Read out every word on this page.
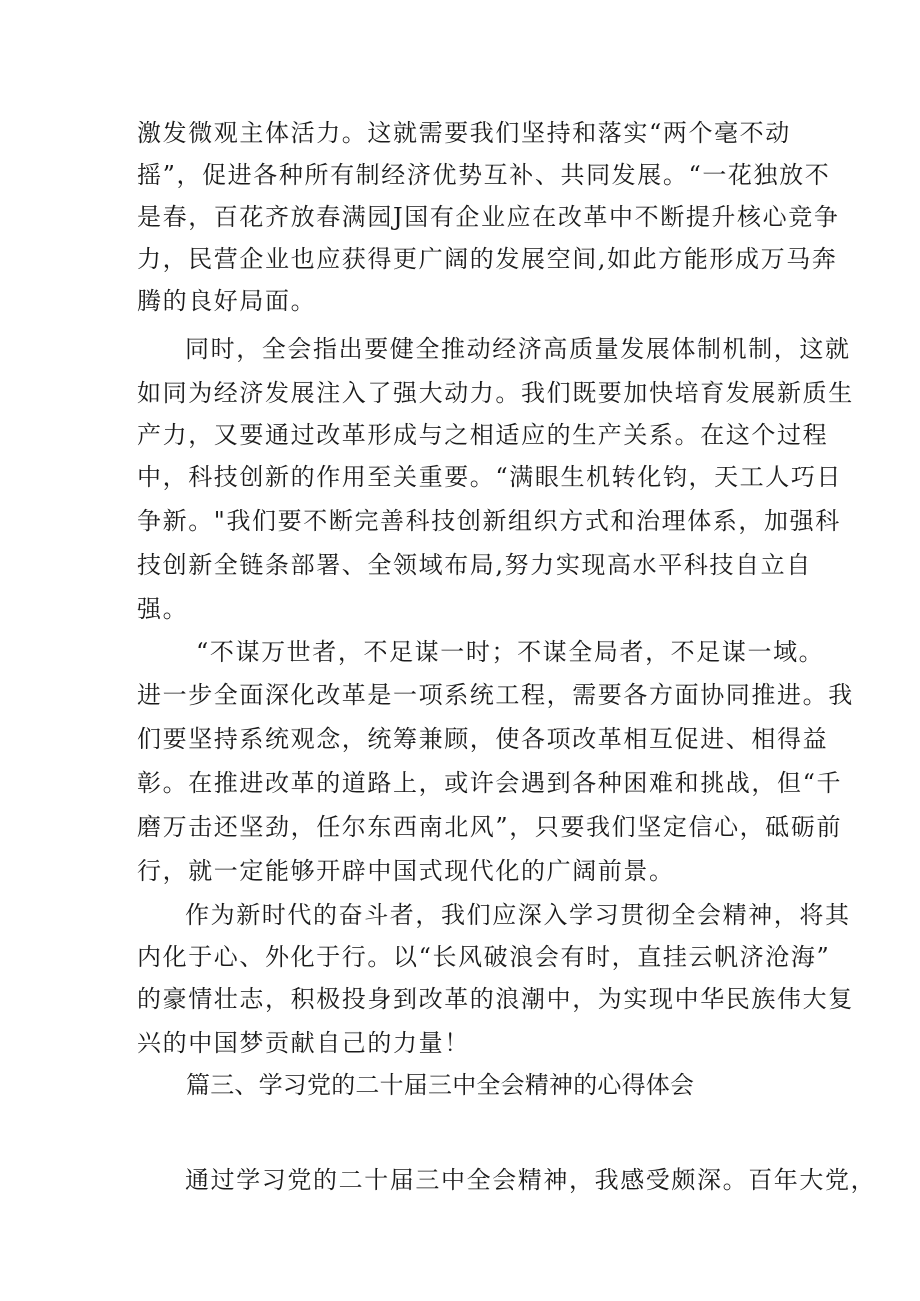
激发微观主体活力。这就需要我们坚持和落实“两个毫不动
摇”，促进各种所有制经济优势互补、共同发展。“一花独放不
是春，百花齐放春满园J国有企业应在改革中不断提升核心竞争
力，民营企业也应获得更广阔的发展空间,如此方能形成万马奔
腾的良好局面。
同时，全会指出要健全推动经济高质量发展体制机制，这就
如同为经济发展注入了强大动力。我们既要加快培育发展新质生
产力，又要通过改革形成与之相适应的生产关系。在这个过程
中，科技创新的作用至关重要。“满眼生机转化钧，天工人巧日
争新。"我们要不断完善科技创新组织方式和治理体系，加强科
技创新全链条部署、全领域布局,努力实现高水平科技自立自
强。
“不谋万世者，不足谋一时；不谋全局者，不足谋一域。
进一步全面深化改革是一项系统工程，需要各方面协同推进。我
们要坚持系统观念，统筹兼顾，使各项改革相互促进、相得益
彰。在推进改革的道路上，或许会遇到各种困难和挑战，但“千
磨万击还坚劲，任尔东西南北风”，只要我们坚定信心，砥砺前
行，就一定能够开辟中国式现代化的广阔前景。
作为新时代的奋斗者，我们应深入学习贯彻全会精神，将其
内化于心、外化于行。以“长风破浪会有时，直挂云帆济沧海”
的豪情壮志，积极投身到改革的浪潮中，为实现中华民族伟大复
兴的中国梦贡献自己的力量！
篇三、学习党的二十届三中全会精神的心得体会
通过学习党的二十届三中全会精神，我感受颇深。百年大党，
